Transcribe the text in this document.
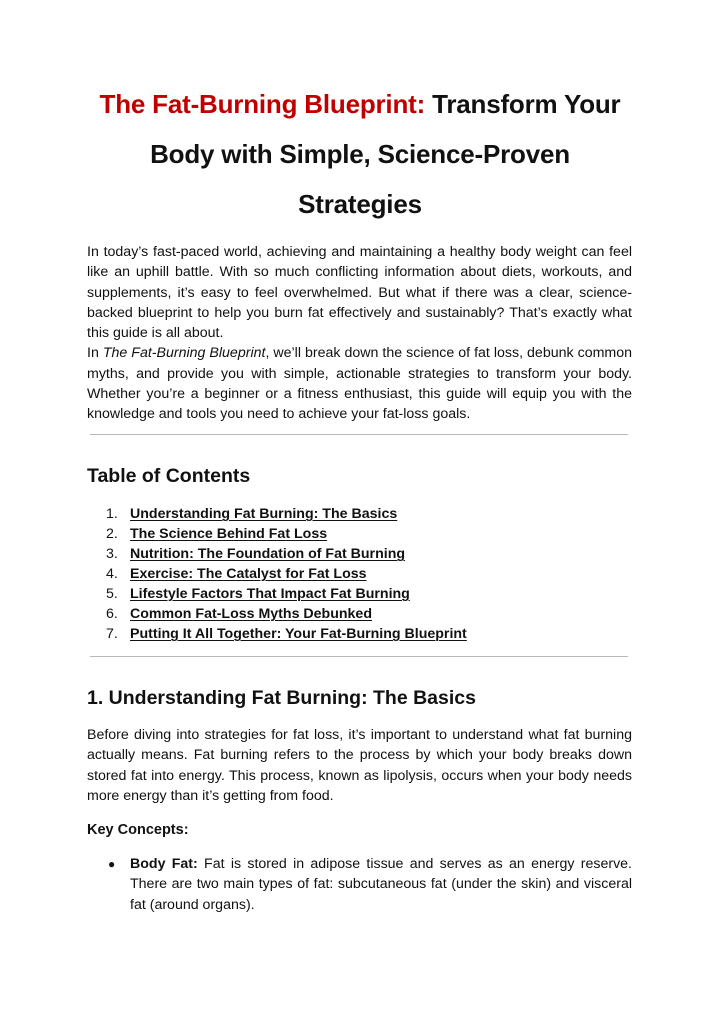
The Fat-Burning Blueprint: Transform Your
Body with Simple, Science-Proven
Strategies

In today’s fast-paced world, achieving and maintaining a healthy body weight can feel like an uphill battle. With so much conflicting information about diets, workouts, and supplements, it’s easy to feel overwhelmed. But what if there was a clear, science-backed blueprint to help you burn fat effectively and sustainably? That’s exactly what this guide is all about.

In The Fat-Burning Blueprint, we’ll break down the science of fat loss, debunk common myths, and provide you with simple, actionable strategies to transform your body. Whether you’re a beginner or a fitness enthusiast, this guide will equip you with the knowledge and tools you need to achieve your fat-loss goals.

Table of Contents
1. Understanding Fat Burning: The Basics
2. The Science Behind Fat Loss
3. Nutrition: The Foundation of Fat Burning
4. Exercise: The Catalyst for Fat Loss
5. Lifestyle Factors That Impact Fat Burning
6. Common Fat-Loss Myths Debunked
7. Putting It All Together: Your Fat-Burning Blueprint
1. Understanding Fat Burning: The Basics

Before diving into strategies for fat loss, it’s important to understand what fat burning actually means. Fat burning refers to the process by which your body breaks down stored fat into energy. This process, known as lipolysis, occurs when your body needs more energy than it’s getting from food.

Key Concepts:
●	Body Fat: Fat is stored in adipose tissue and serves as an energy reserve. There are two main types of fat: subcutaneous fat (under the skin) and visceral fat (around organs).
